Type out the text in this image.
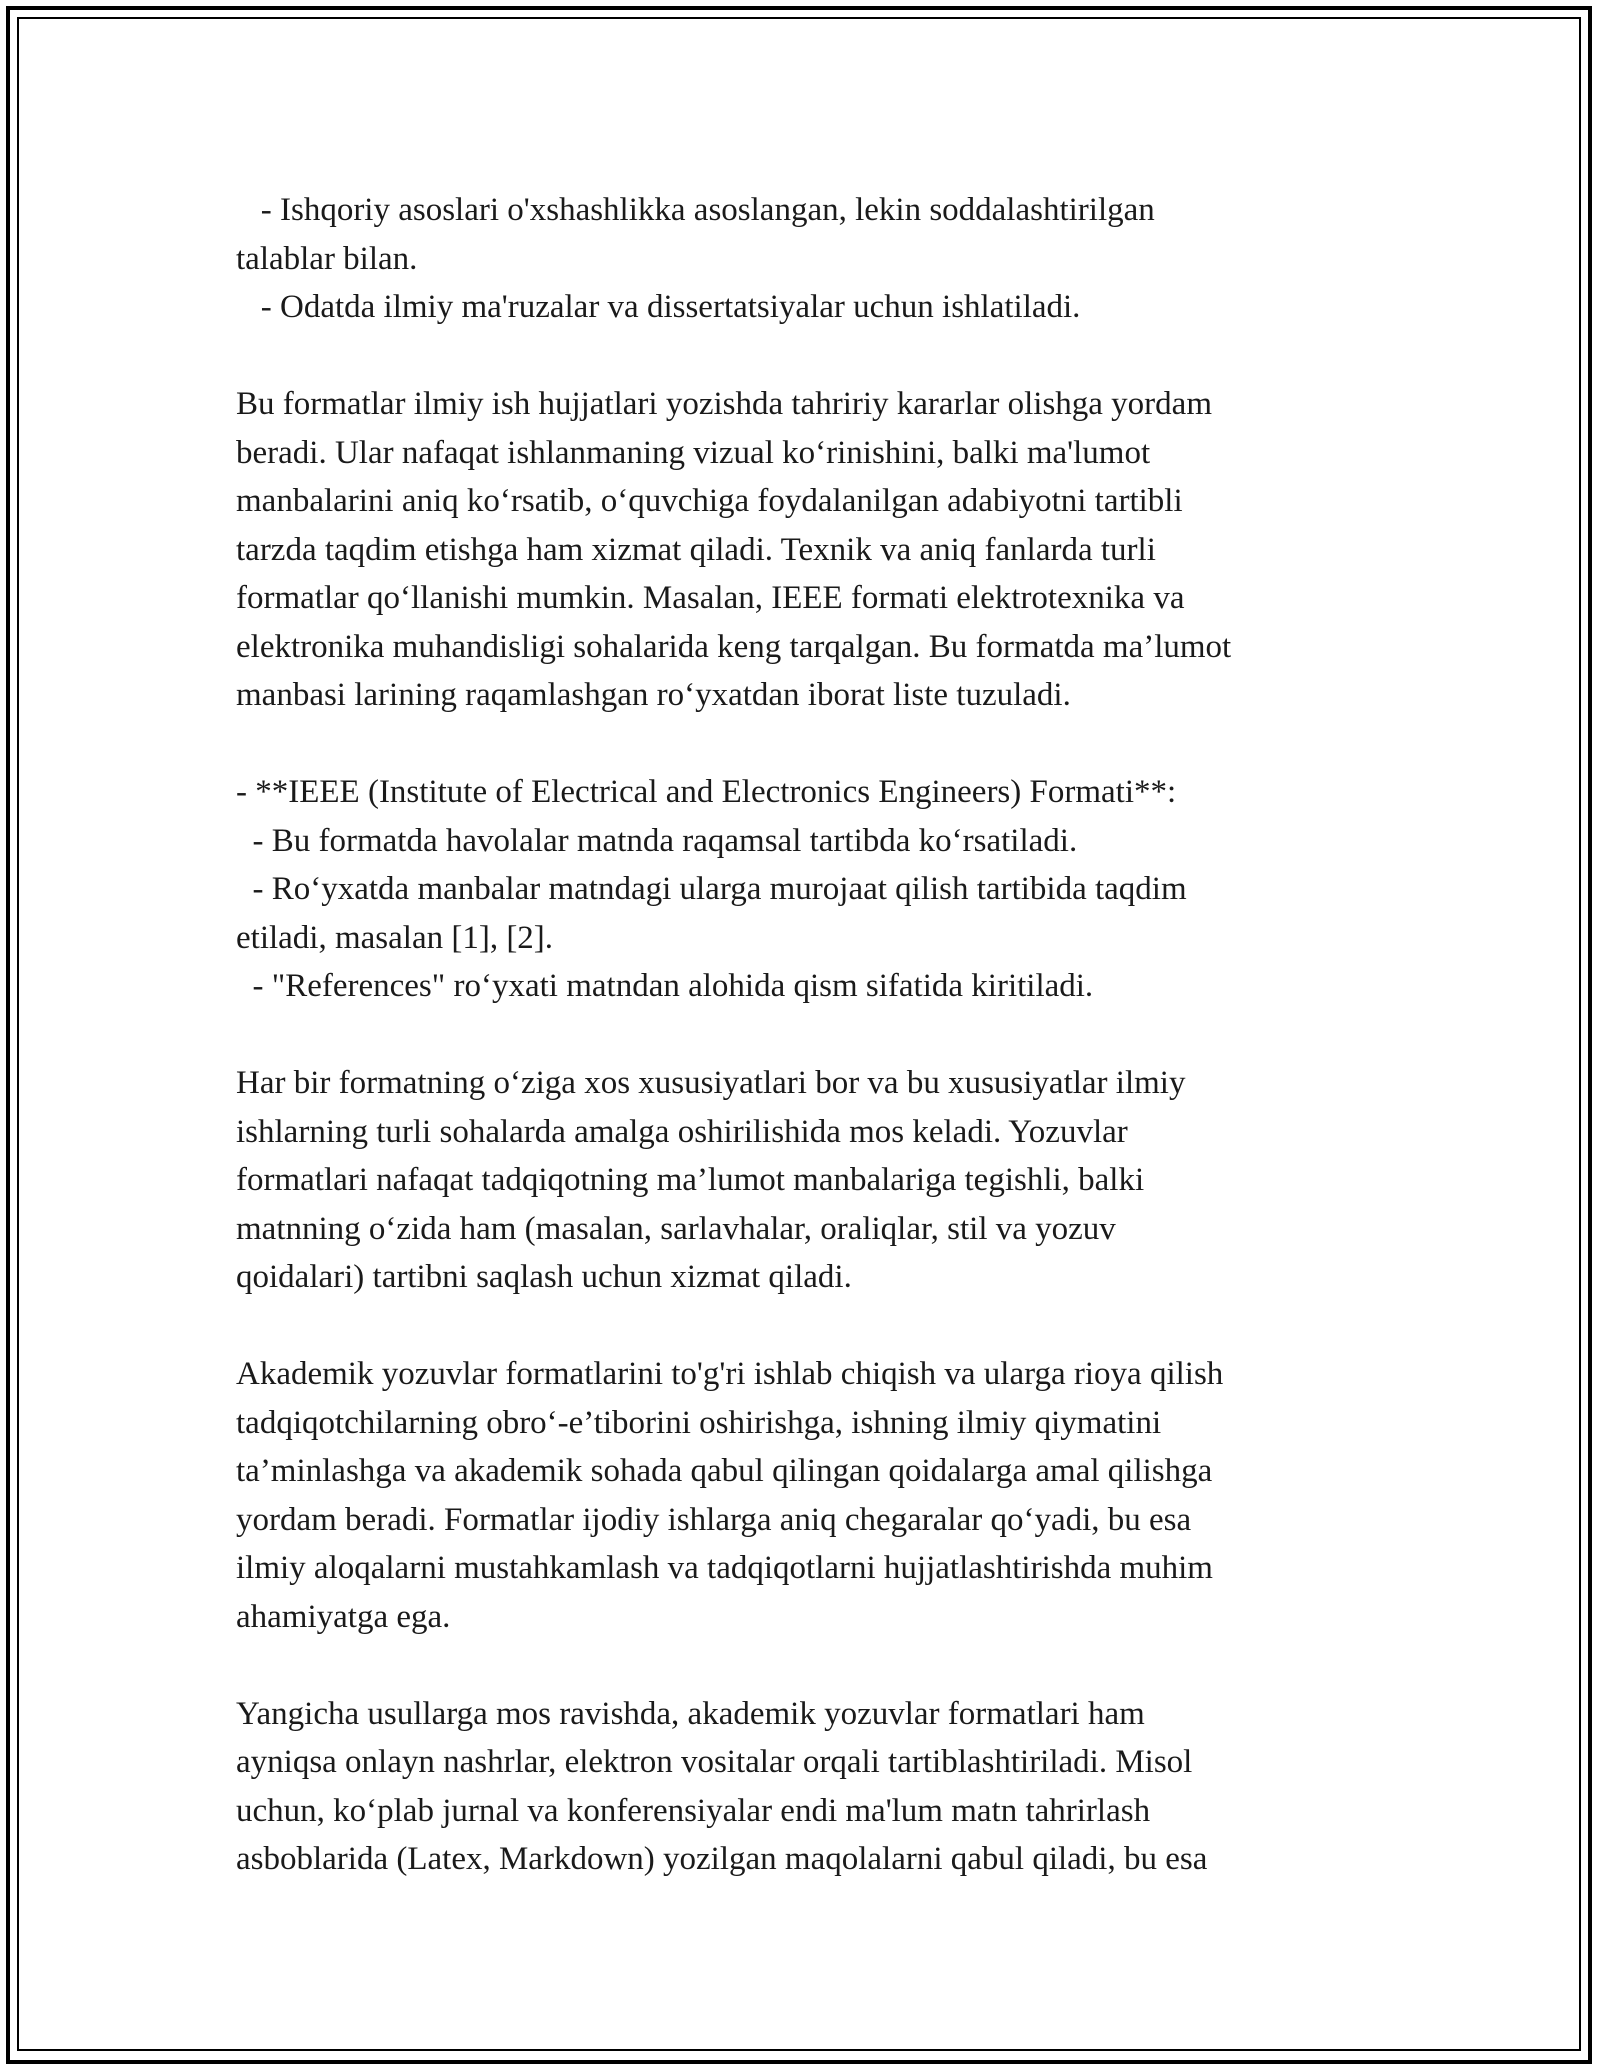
- Ishqoriy asoslari o'xshashlikka asoslangan, lekin soddalashtirilgan
talablar bilan.
- Odatda ilmiy ma'ruzalar va dissertatsiyalar uchun ishlatiladi.
Bu formatlar ilmiy ish hujjatlari yozishda tahririy kararlar olishga yordam
beradi. Ular nafaqat ishlanmaning vizual ko‘rinishini, balki ma'lumot
manbalarini aniq ko‘rsatib, o‘quvchiga foydalanilgan adabiyotni tartibli
tarzda taqdim etishga ham xizmat qiladi. Texnik va aniq fanlarda turli
formatlar qo‘llanishi mumkin. Masalan, IEEE formati elektrotexnika va
elektronika muhandisligi sohalarida keng tarqalgan. Bu formatda ma’lumot
manbasi larining raqamlashgan ro‘yxatdan iborat liste tuzuladi.
- **IEEE (Institute of Electrical and Electronics Engineers) Formati**:
- Bu formatda havolalar matnda raqamsal tartibda ko‘rsatiladi.
- Ro‘yxatda manbalar matndagi ularga murojaat qilish tartibida taqdim
etiladi, masalan [1], [2].
- "References" ro‘yxati matndan alohida qism sifatida kiritiladi.
Har bir formatning o‘ziga xos xususiyatlari bor va bu xususiyatlar ilmiy
ishlarning turli sohalarda amalga oshirilishida mos keladi. Yozuvlar
formatlari nafaqat tadqiqotning ma’lumot manbalariga tegishli, balki
matnning o‘zida ham (masalan, sarlavhalar, oraliqlar, stil va yozuv
qoidalari) tartibni saqlash uchun xizmat qiladi.
Akademik yozuvlar formatlarini to'g'ri ishlab chiqish va ularga rioya qilish
tadqiqotchilarning obro‘-e’tiborini oshirishga, ishning ilmiy qiymatini
ta’minlashga va akademik sohada qabul qilingan qoidalarga amal qilishga
yordam beradi. Formatlar ijodiy ishlarga aniq chegaralar qo‘yadi, bu esa
ilmiy aloqalarni mustahkamlash va tadqiqotlarni hujjatlashtirishda muhim
ahamiyatga ega.
Yangicha usullarga mos ravishda, akademik yozuvlar formatlari ham
ayniqsa onlayn nashrlar, elektron vositalar orqali tartiblashtiriladi. Misol
uchun, ko‘plab jurnal va konferensiyalar endi ma'lum matn tahrirlash
asboblarida (Latex, Markdown) yozilgan maqolalarni qabul qiladi, bu esa
